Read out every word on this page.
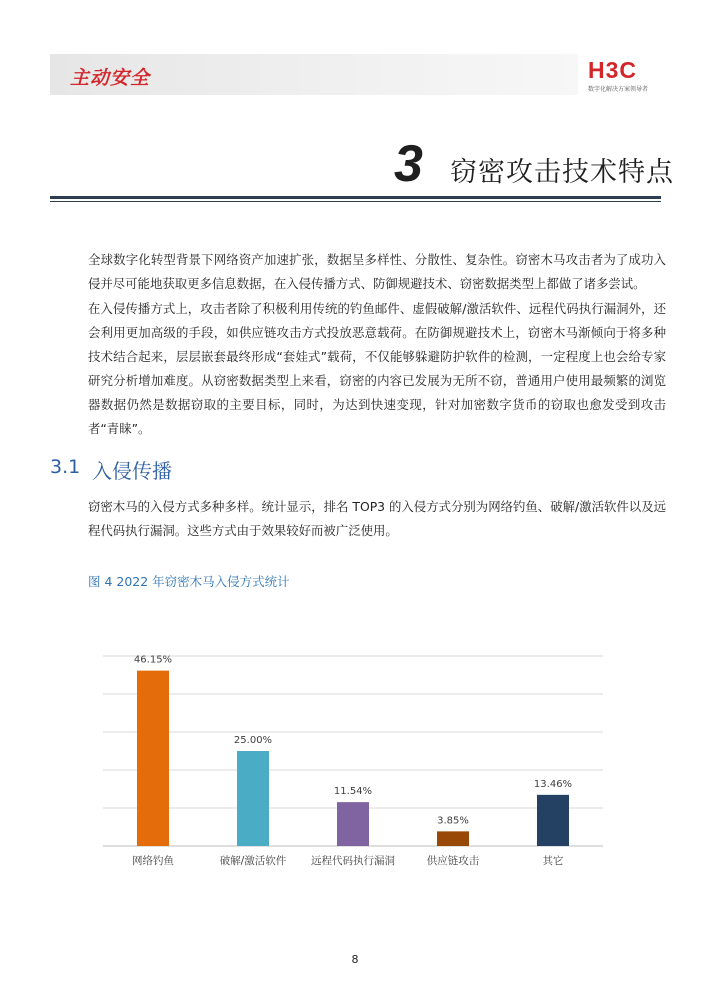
主动安全	H3C
数字化解决方案领导者
3 窃密攻击技术特点
全球数字化转型背景下网络资产加速扩张，数据呈多样性、分散性、复杂性。窃密木马攻击者为了成功入侵并尽可能地获取更多信息数据，在入侵传播方式、防御规避技术、窃密数据类型上都做了诸多尝试。
在入侵传播方式上，攻击者除了积极利用传统的钓鱼邮件、虚假破解/激活软件、远程代码执行漏洞外，还会利用更加高级的手段，如供应链攻击方式投放恶意载荷。在防御规避技术上，窃密木马渐倾向于将多种技术结合起来，层层嵌套最终形成“套娃式”载荷，不仅能够躲避防护软件的检测，一定程度上也会给专家研究分析增加难度。从窃密数据类型上来看，窃密的内容已发展为无所不窃，普通用户使用最频繁的浏览器数据仍然是数据窃取的主要目标，同时，为达到快速变现，针对加密数字货币的窃取也愈发受到攻击者“青睐”。
3.1 入侵传播
窃密木马的入侵方式多种多样。统计显示，排名 TOP3 的入侵方式分别为网络钓鱼、破解/激活软件以及远程代码执行漏洞。这些方式由于效果较好而被广泛使用。
图 4 2022 年窃密木马入侵方式统计
46.15%
网络钓鱼
25.00%
破解/激活软件
11.54%
远程代码执行漏洞
3.85%
供应链攻击
13.46%
其它
8
